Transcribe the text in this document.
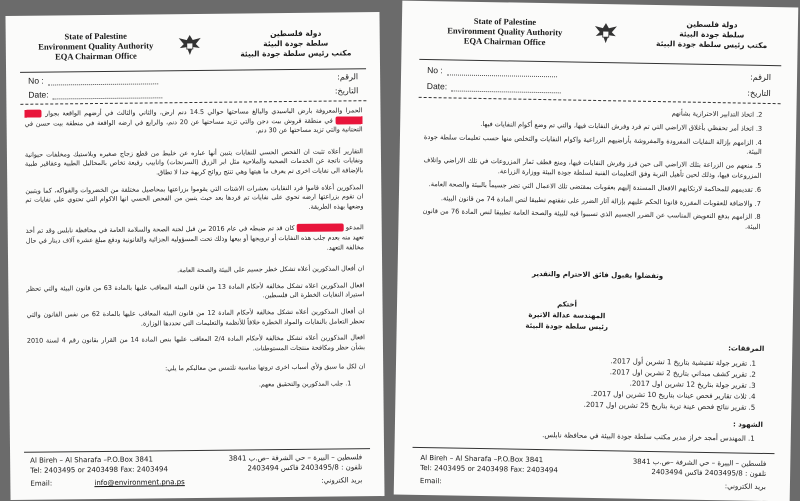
State of Palestine
Environment Quality Authority
EQA Chairman Office
دولة فلسطين
سلطة جودة البيئة
مكتب رئيس سلطة جودة البيئة
No :
Date:
الرقم:
التاريخ:

الحمرا والمعروفة بارض الياسيدي والبالغ مساحتها حوالي 14.5 دنم ارض، والثاني والثالث في أرضهم الواقعة بجوار اسم محجوب في منطقة قروش بيت دجن والتي تزيد مساحتها عن 20 دنم، والرابع في ارضه الواقعة في منطقة بيت حسن في التحتانية والتي تزيد مساحتها عن 30 دنم.

التقارير أعلاه تثبت ان الفحص الحسي للنفايات يتبين أنها عباره عن خليط من قطع زجاج صغيره وبلاستيك ومخلفات حيوانية ونفايات ناتجة عن الخدمات الصحية والملاحية مثل ابر الزرق (السرنجات) وانابيب رفيعة تخاص بالمحاليل الطبية وعقاقير طبية بالإضافة الى نفايات اخرى تم يعرف ما هيتها وهي تنتج روائح كريهة جدا لا تطاق.

المذكورين أعلاه قاموا فرد النفايات بعشرات الاشتات التي يقوموا بزراعتها بمحاصيل مختلفة من الخضروات والفواكه، كما ويتبين ان تقوم بزراعتها ارضه تحوي على نفايات تم فردها بعد حيث يتبين من الفحص الحسي انها الاكوام التي تحتوي على نفايات تم وضعها بهذه الطريقة.

المدعو اسم محجوب كان قد تم ضبطه في عام 2016 من قبل لجنة الصحة والسلامة العامة في محافظة نابلس وقد تم أخذ تعهد منه بعدم جلب هذه النفايات أو ترويجها أو بيعها وذلك تحت المسؤولية الجزائية والقانونية ودفع مبلغ عشرة آلاف دينار في حال مخالفة التعهد.

ان أفعال المذكورين أعلاه تشكل خطر جسيم على البيئة والصحة العامة.

افعال المذكورين اعلاه تشكل مخالفة لأحكام المادة 13 من قانون البيئة المعاقب عليها بالمادة 63 من قانون البيئة والتي تحظر استيراد النفايات الخطرة الى فلسطين.

ان أفعال المذكورين أعلاه تشكل مخالفة لأحكام المادة 12 من قانون البيئة المعاقب عليها بالمادة 62 من نفس القانون والتي تحظر التعامل بالنفايات والمواد الخطرة خلافاً للأنظمة والتعليمات التي تحددها الوزارة.

افعال المذكورين أعلاه تشكل مخالفة لأحكام المادة 2/4 المعاقب عليها بنص المادة 14 من القرار بقانون رقم 4 لسنة 2010 بشأن حظر ومكافحة منتجات المستوطنات.

ان لكل ما سبق ولأي أسباب اخرى ترونها مناسبة نلتمس من معاليكم ما يلي:

1. جلب المذكورين والتحقيق معهم.

Al Bireh – Al Sharafa –P.O.Box 3841
Tel: 2403495 or 2403498 Fax: 2403494
Email:	info@environment.pna.ps
فلسطين – البيرة – حي الشرفة –ص.ب 3841
تلفون : 2403495/8 فاكس 2403494
بريد الكتروني:
State of Palestine
Environment Quality Authority
EQA Chairman Office
دولة فلسطين
سلطة جودة البيئة
مكتب رئيس سلطة جودة البيئة
No :
Date:
الرقم:
التاريخ:
2. اتخاذ التدابير الاحترازية بشأنهم
3. اتخاذ أمر تحفظي بأغلاق الاراضي التي تم فرد وفرش النفايات فيها، والتي تم وضع أكوام النفايات فيها.
4. الزامهم بإزالة النفايات المفرودة والمفروشة بأراضيهم الزراعية واكوام النفايات والتخلص منها حسب تعليمات سلطة جودة البيئة.
5. منعهم من الزراعة بتلك الاراضي الى حين فرز وفرش النفايات فيها، ومنع قطف ثمار المزروعات في تلك الاراضي واتلاف المزروعات فيها، وذلك لحين تأهيل التربة وفق التعليمات الفنية لسلطة جودة البيئة ووزارة الزراعة.
6. تقديمهم للمحاكمة لارتكابهم الافعال المسندة إليهم بعقوبات بمقتضى تلك الاعمال التي تضر جسيماً بالبيئة والصحة العامة.
7. والاضافة للعقوبات المقررة قانونا الحكم عليهم بإزالة آثار الضرر على نفقتهم تطبيقا لنص المادة 74 من قانون البيئة.
8. الزامهم بدفع التعويض المناسب عن الضرر الجسيم الذي تسببوا فيه للبيئة والصحة العامة تطبيقا لنص المادة 76 من قانون البيئة.
وتفضلوا بقبول فائق الاحترام والتقدير
أختكم
المهندسة عدالة الاتيرة
رئيس سلطة جودة البيئة
المرفقات:
1. تقرير جولة تفتيشية بتاريخ 1 تشرين أول 2017.
2. تقرير كشف ميداني بتاريخ 2 تشرين اول 2017.
3. تقرير جولة بتاريخ 12 تشرين اول 2017.
4. ثلاث تقارير فحص عينات بتاريخ 10 تشرين اول 2017.
5. تقرير نتائج فحص عينة تربة بتاريخ 25 تشرين اول 2017.
الشهود :
1. المهندس أمجد خراز مدير مكتب سلطة جودة البيئة في محافظة نابلس.
Al Bireh – Al Sharafa –P.O.Box 3841
Tel: 2403495 or 2403498 Fax: 2403494
Email:
فلسطين – البيرة – حي الشرفة –ص.ب 3841
تلفون : 2403495/8 فاكس 2403494
بريد الكتروني:
